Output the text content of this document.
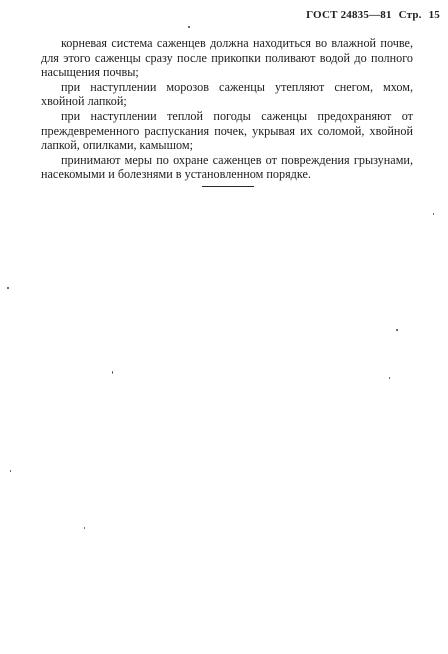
ГОСТ 24835—81 Стр. 15

корневая система саженцев должна находиться во влажной почве, для этого саженцы сразу после прикопки поливают водой до полного насыщения почвы;

при наступлении морозов саженцы утепляют снегом, мхом, хвойной лапкой;

при наступлении теплой погоды саженцы предохраняют от преждевременного распускания почек, укрывая их соломой, хвойной лапкой, опилками, камышом;

принимают меры по охране саженцев от повреждения грызунами, насекомыми и болезнями в установленном порядке.
